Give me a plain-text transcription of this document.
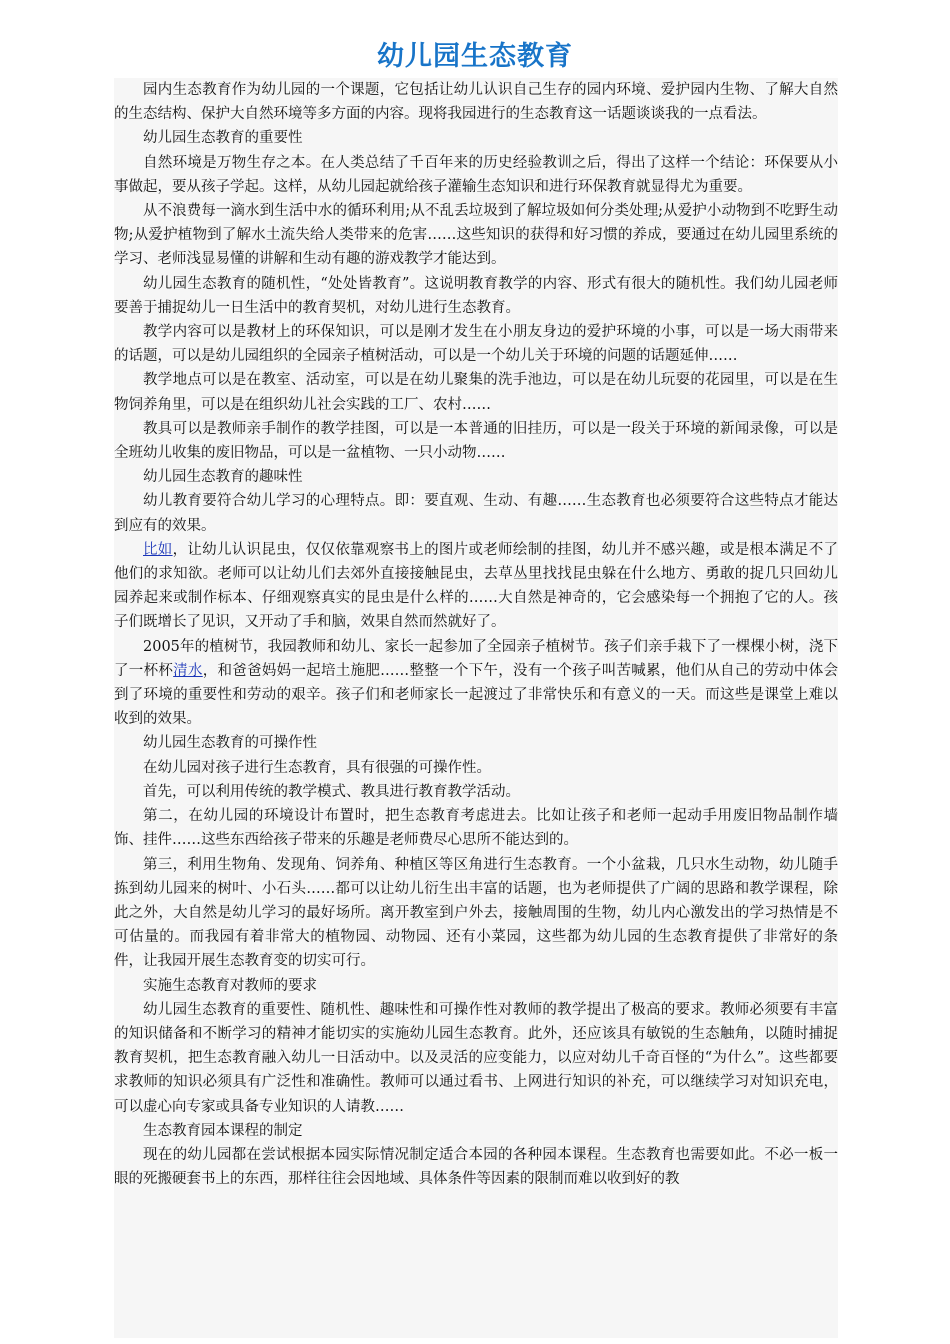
幼儿园生态教育

园内生态教育作为幼儿园的一个课题，它包括让幼儿认识自己生存的园内环境、爱护园内生物、了解大自然的生态结构、保护大自然环境等多方面的内容。现将我园进行的生态教育这一话题谈谈我的一点看法。

幼儿园生态教育的重要性

自然环境是万物生存之本。在人类总结了千百年来的历史经验教训之后，得出了这样一个结论：环保要从小事做起，要从孩子学起。这样，从幼儿园起就给孩子灌输生态知识和进行环保教育就显得尤为重要。

从不浪费每一滴水到生活中水的循环利用;从不乱丢垃圾到了解垃圾如何分类处理;从爱护小动物到不吃野生动物;从爱护植物到了解水土流失给人类带来的危害……这些知识的获得和好习惯的养成，要通过在幼儿园里系统的学习、老师浅显易懂的讲解和生动有趣的游戏教学才能达到。

幼儿园生态教育的随机性，“处处皆教育”。这说明教育教学的内容、形式有很大的随机性。我们幼儿园老师要善于捕捉幼儿一日生活中的教育契机，对幼儿进行生态教育。

教学内容可以是教材上的环保知识，可以是刚才发生在小朋友身边的爱护环境的小事，可以是一场大雨带来的话题，可以是幼儿园组织的全园亲子植树活动，可以是一个幼儿关于环境的问题的话题延伸……

教学地点可以是在教室、活动室，可以是在幼儿聚集的洗手池边，可以是在幼儿玩耍的花园里，可以是在生物饲养角里，可以是在组织幼儿社会实践的工厂、农村……

教具可以是教师亲手制作的教学挂图，可以是一本普通的旧挂历，可以是一段关于环境的新闻录像，可以是全班幼儿收集的废旧物品，可以是一盆植物、一只小动物……

幼儿园生态教育的趣味性

幼儿教育要符合幼儿学习的心理特点。即：要直观、生动、有趣……生态教育也必须要符合这些特点才能达到应有的效果。

比如，让幼儿认识昆虫，仅仅依靠观察书上的图片或老师绘制的挂图，幼儿并不感兴趣，或是根本满足不了他们的求知欲。老师可以让幼儿们去郊外直接接触昆虫，去草丛里找找昆虫躲在什么地方、勇敢的捉几只回幼儿园养起来或制作标本、仔细观察真实的昆虫是什么样的……大自然是神奇的，它会感染每一个拥抱了它的人。孩子们既增长了见识，又开动了手和脑，效果自然而然就好了。

2005年的植树节，我园教师和幼儿、家长一起参加了全园亲子植树节。孩子们亲手栽下了一棵棵小树，浇下了一杯杯清水，和爸爸妈妈一起培土施肥……整整一个下午，没有一个孩子叫苦喊累，他们从自己的劳动中体会到了环境的重要性和劳动的艰辛。孩子们和老师家长一起渡过了非常快乐和有意义的一天。而这些是课堂上难以收到的效果。

幼儿园生态教育的可操作性

在幼儿园对孩子进行生态教育，具有很强的可操作性。

首先，可以利用传统的教学模式、教具进行教育教学活动。

第二，在幼儿园的环境设计布置时，把生态教育考虑进去。比如让孩子和老师一起动手用废旧物品制作墙饰、挂件……这些东西给孩子带来的乐趣是老师费尽心思所不能达到的。

第三，利用生物角、发现角、饲养角、种植区等区角进行生态教育。一个小盆栽，几只水生动物，幼儿随手拣到幼儿园来的树叶、小石头……都可以让幼儿衍生出丰富的话题，也为老师提供了广阔的思路和教学课程，除此之外，大自然是幼儿学习的最好场所。离开教室到户外去，接触周围的生物，幼儿内心激发出的学习热情是不可估量的。而我园有着非常大的植物园、动物园、还有小菜园，这些都为幼儿园的生态教育提供了非常好的条件，让我园开展生态教育变的切实可行。

实施生态教育对教师的要求

幼儿园生态教育的重要性、随机性、趣味性和可操作性对教师的教学提出了极高的要求。教师必须要有丰富的知识储备和不断学习的精神才能切实的实施幼儿园生态教育。此外，还应该具有敏锐的生态触角，以随时捕捉教育契机，把生态教育融入幼儿一日活动中。以及灵活的应变能力，以应对幼儿千奇百怪的“为什么”。这些都要求教师的知识必须具有广泛性和准确性。教师可以通过看书、上网进行知识的补充，可以继续学习对知识充电，可以虚心向专家或具备专业知识的人请教……

生态教育园本课程的制定

现在的幼儿园都在尝试根据本园实际情况制定适合本园的各种园本课程。生态教育也需要如此。不必一板一眼的死搬硬套书上的东西，那样往往会因地域、具体条件等因素的限制而难以收到好的教
